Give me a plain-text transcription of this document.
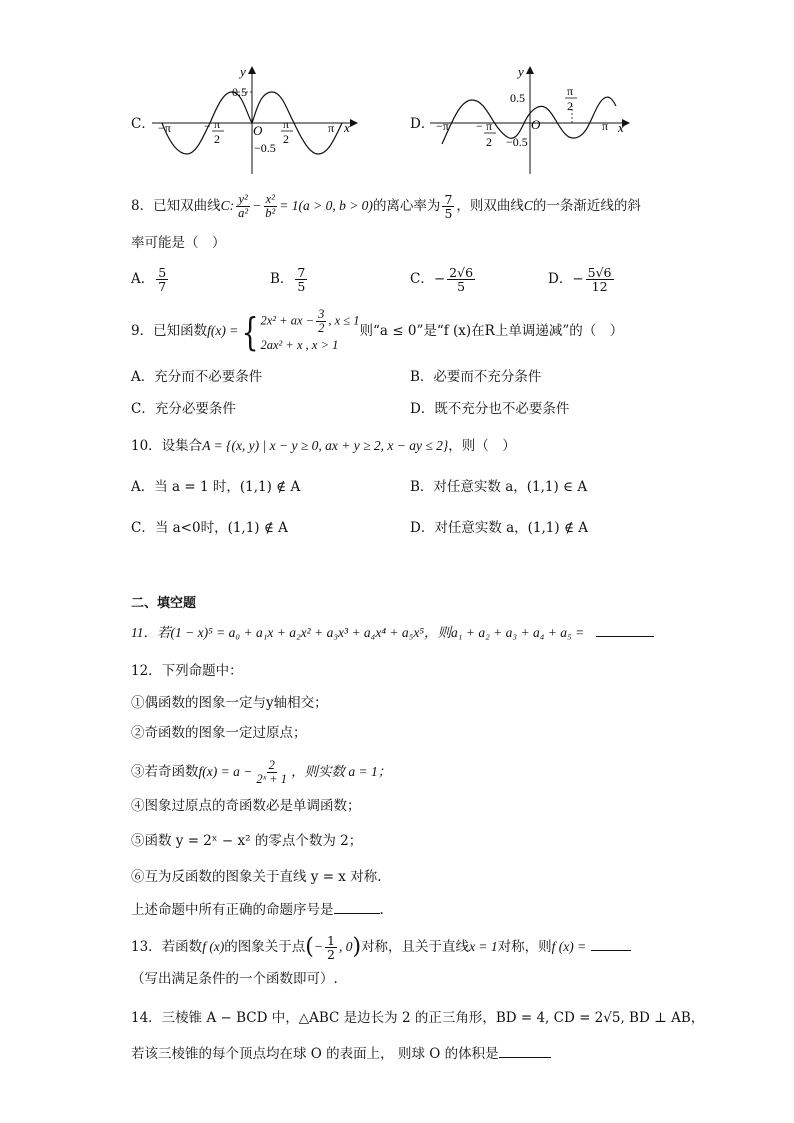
C．
y
x
0.5
O
−0.5
−π	π
− π
2
π
2
D．
y
x
0.5
O
−0.5
−π	π
− π
2
π
2
8．已知双曲线C: $\frac{\text{y²}}{\text{a²}} - \frac{\text{x²}}{\text{b²}} = 1(a > 0$, b > 0)的离心率为 $\frac{7}{5}$ ，则双曲线C的一条渐近线的斜
率可能是（　）
A． $\frac{5}{7}$	B． $\frac{7}{5}$	C．− $\frac{2√6}{5}$	D．− $\frac{5√6}{12}$
9．已知函数f(x) = { 2x² + ax − $\frac{3}{2}$ , x ≤ 1
2ax² + x , x > 1
则“a ≤ 0”是“f (x)在R上单调递减”的（　）
A．充分而不必要条件	B．必要而不充分条件
C．充分必要条件	D．既不充分也不必要条件
10．设集合A = {(x, y) | x − y ≥ 0, ax + y ≥ 2, x − ay ≤ 2}，则（　）
A．当 a = 1 时，(1,1) ∉ A	B．对任意实数 a，(1,1) ∈ A
C．当 a<0时，(1,1) ∉ A	D．对任意实数 a，(1,1) ∉ A
二、填空题
11．若(1 − x)⁵ = a₀ + a₁x + a₂x² + a₃x³ + a₄x⁴ + a₅x⁵，则a₁ + a₂ + a₃ + a₄ + a₅ =
12．下列命题中：
①偶函数的图象一定与y轴相交；
②奇函数的图象一定过原点；
③若奇函数$f(x) = a - \frac{2}{\text{2ˣ + 1}}$ ，则实数 a = 1；
④图象过原点的奇函数必是单调函数；
⑤函数 y = 2ˣ − x² 的零点个数为 2；
⑥互为反函数的图象关于直线 y = x 对称.
上述命题中所有正确的命题序号是	.
13．若函数f (x)的图象关于点(− $\frac{1}{2}$ , 0)对称，且关于直线x = 1对称，则f (x) =
（写出满足条件的一个函数即可）.
14．三棱锥 A − BCD 中，△ABC 是边长为 2 的正三角形，BD = 4, CD = 2√5, BD ⊥ AB，
若该三棱锥的每个顶点均在球 O 的表面上， 则球 O 的体积是
